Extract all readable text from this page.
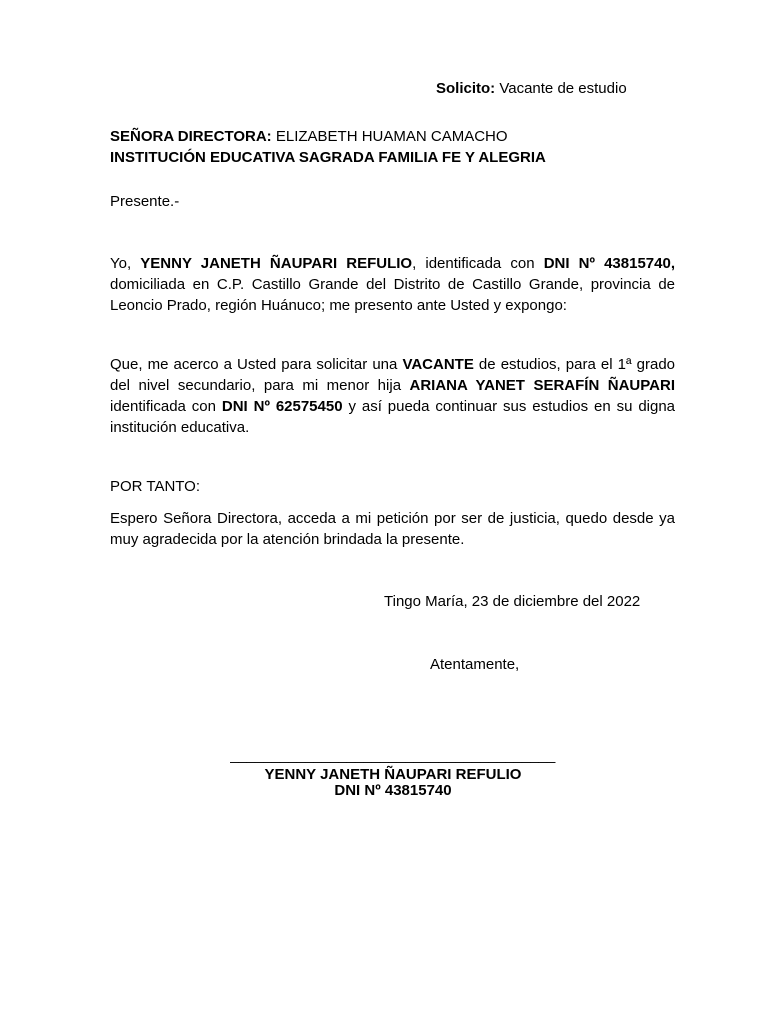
Solicito: Vacante de estudio
SEÑORA DIRECTORA: ELIZABETH HUAMAN CAMACHO
INSTITUCIÓN EDUCATIVA SAGRADA FAMILIA FE Y ALEGRIA
Presente.-
Yo, YENNY JANETH ÑAUPARI REFULIO, identificada con DNI Nº 43815740, domiciliada en C.P. Castillo Grande del Distrito de Castillo Grande, provincia de Leoncio Prado, región Huánuco; me presento ante Usted y expongo:
Que, me acerco a Usted para solicitar una VACANTE de estudios, para el 1ª grado del nivel secundario, para mi menor hija ARIANA YANET SERAFÍN ÑAUPARI identificada con DNI Nº 62575450 y así pueda continuar sus estudios en su digna institución educativa.
POR TANTO:
Espero Señora Directora, acceda a mi petición por ser de justicia, quedo desde ya muy agradecida por la atención brindada la presente.
Tingo María, 23 de diciembre del 2022
Atentamente,
_______________________________________
YENNY JANETH ÑAUPARI REFULIO
DNI Nº 43815740
